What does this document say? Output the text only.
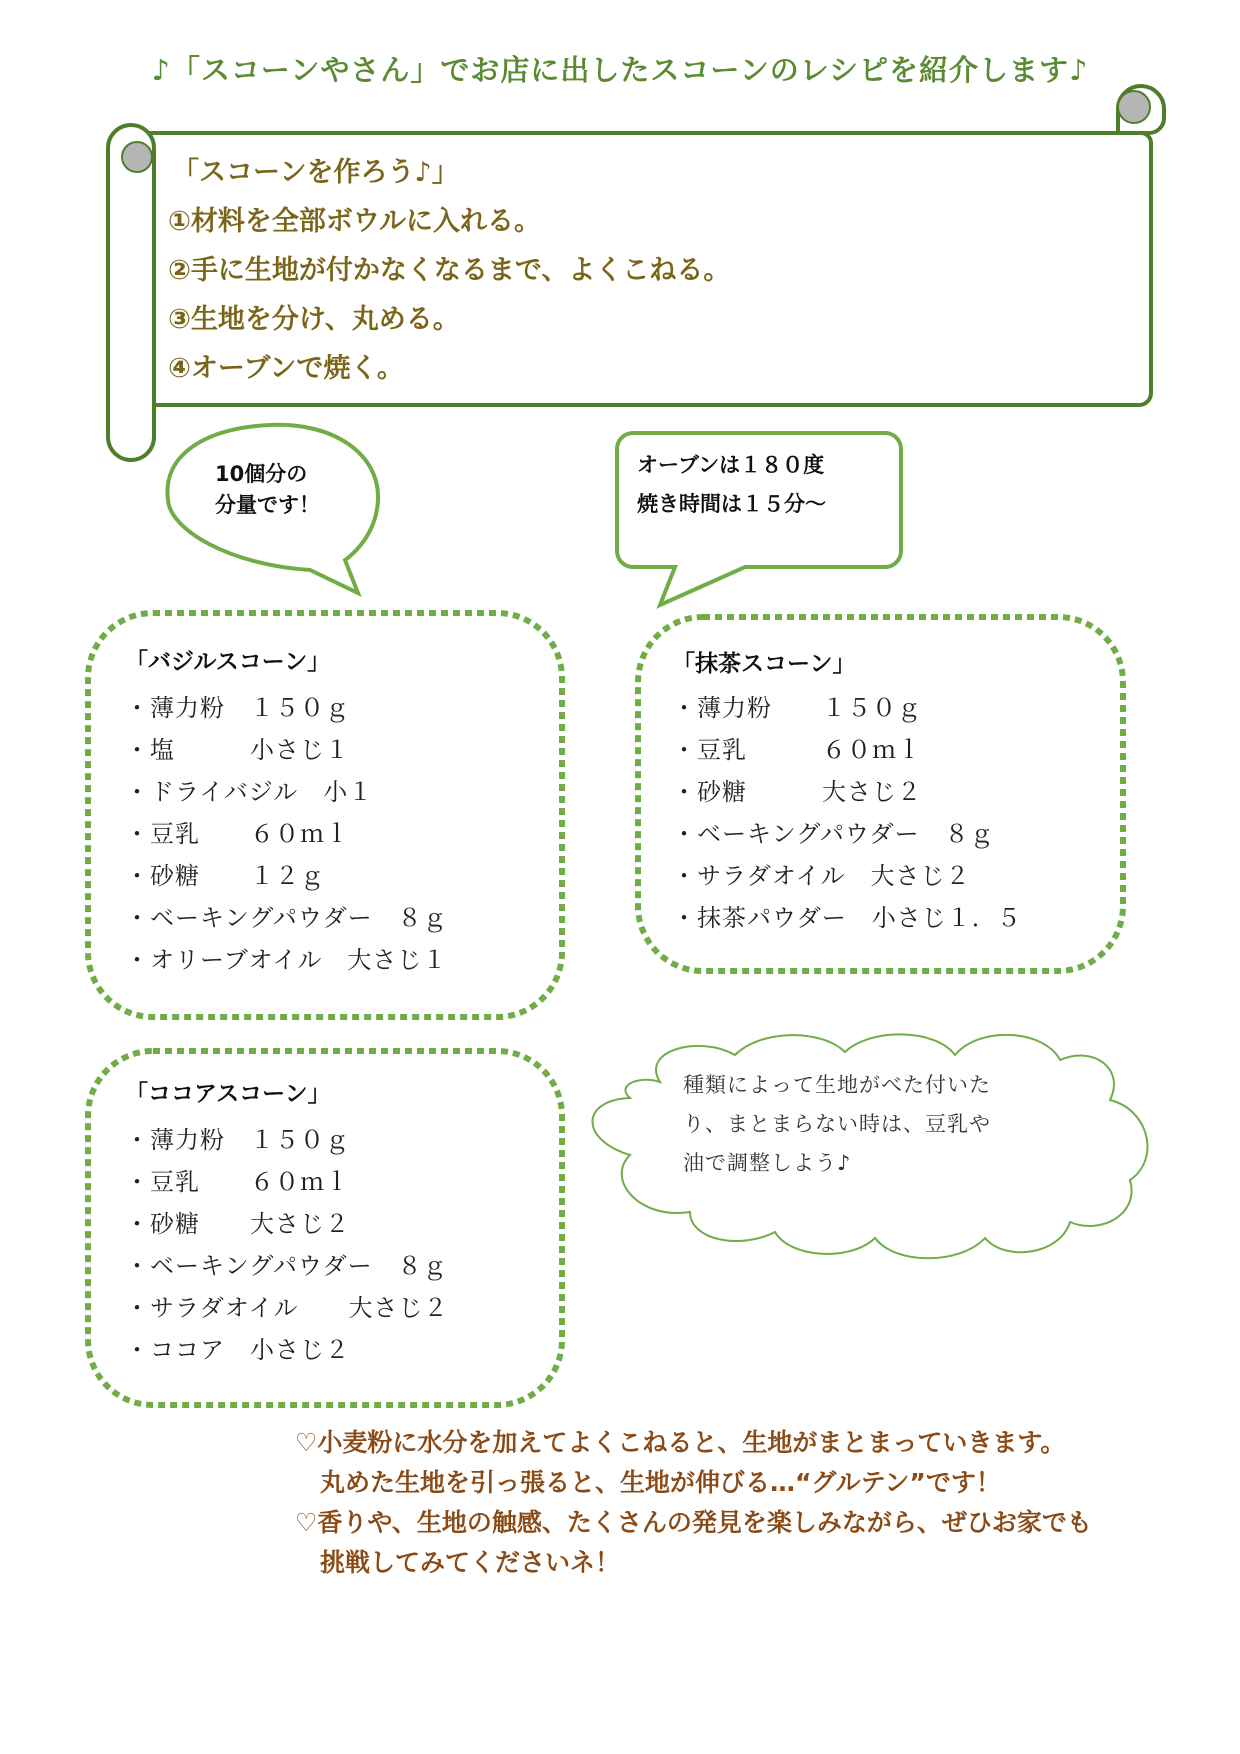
♪「スコーンやさん」でお店に出したスコーンのレシピを紹介します♪
「スコーンを作ろう♪」
①材料を全部ボウルに入れる。
②手に生地が付かなくなるまで、よくこねる。
③生地を分け、丸める。
④オーブンで焼く。
10個分の
分量です！
オーブンは１８０度
焼き時間は１５分～
「バジルスコーン」
・薄力粉　１５０ｇ
・塩　　　小さじ１
・ドライバジル　小１
・豆乳　　６０ｍｌ
・砂糖　　１２ｇ
・ベーキングパウダー　８ｇ
・オリーブオイル　大さじ１
「抹茶スコーン」
・薄力粉　　１５０ｇ
・豆乳　　　６０ｍｌ
・砂糖　　　大さじ２
・ベーキングパウダー　８ｇ
・サラダオイル　大さじ２
・抹茶パウダー　小さじ１．５
「ココアスコーン」
・薄力粉　１５０ｇ
・豆乳　　６０ｍｌ
・砂糖　　大さじ２
・ベーキングパウダー　８ｇ
・サラダオイル　　大さじ２
・ココア　小さじ２
種類によって生地がべた付いた
り、まとまらない時は、豆乳や
油で調整しよう♪
♡小麦粉に水分を加えてよくこねると、生地がまとまっていきます。
　丸めた生地を引っ張ると、生地が伸びる…“グルテン”です！
♡香りや、生地の触感、たくさんの発見を楽しみながら、ぜひお家でも
　挑戦してみてくださいネ！
